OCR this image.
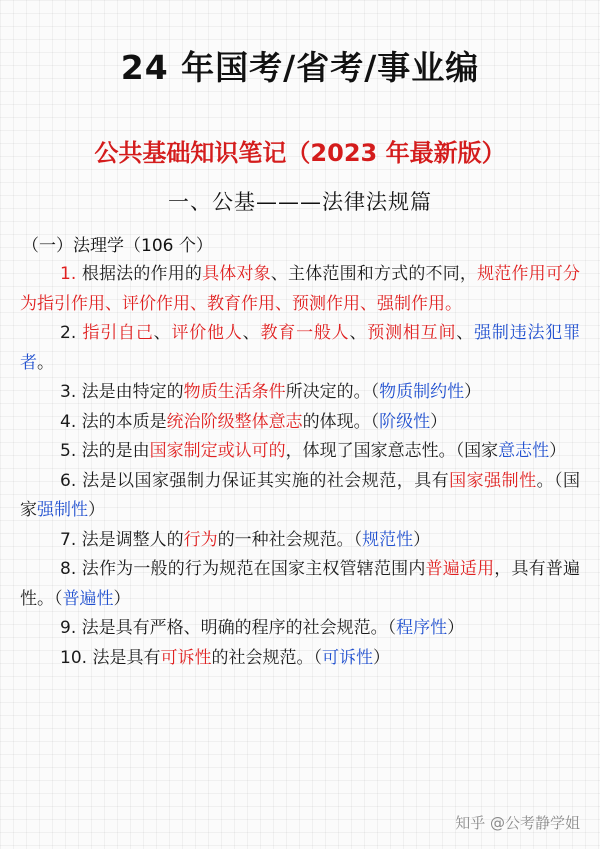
24 年国考/省考/事业编
公共基础知识笔记（2023 年最新版）
一、公基———法律法规篇
（一）法理学（106 个）

1. 根据法的作用的具体对象、主体范围和方式的不同，规范作用可分为指引作用、评价作用、教育作用、预测作用、强制作用。

2. 指引自己、评价他人、教育一般人、预测相互间、强制违法犯罪者。

3. 法是由特定的物质生活条件所决定的。（物质制约性）

4. 法的本质是统治阶级整体意志的体现。（阶级性）

5. 法的是由国家制定或认可的，体现了国家意志性。（国家意志性）

6. 法是以国家强制力保证其实施的社会规范，具有国家强制性。（国家强制性）

7. 法是调整人的行为的一种社会规范。（规范性）

8. 法作为一般的行为规范在国家主权管辖范围内普遍适用，具有普遍性。（普遍性）

9. 法是具有严格、明确的程序的社会规范。（程序性）

10. 法是具有可诉性的社会规范。（可诉性）

知乎 @公考静学姐
